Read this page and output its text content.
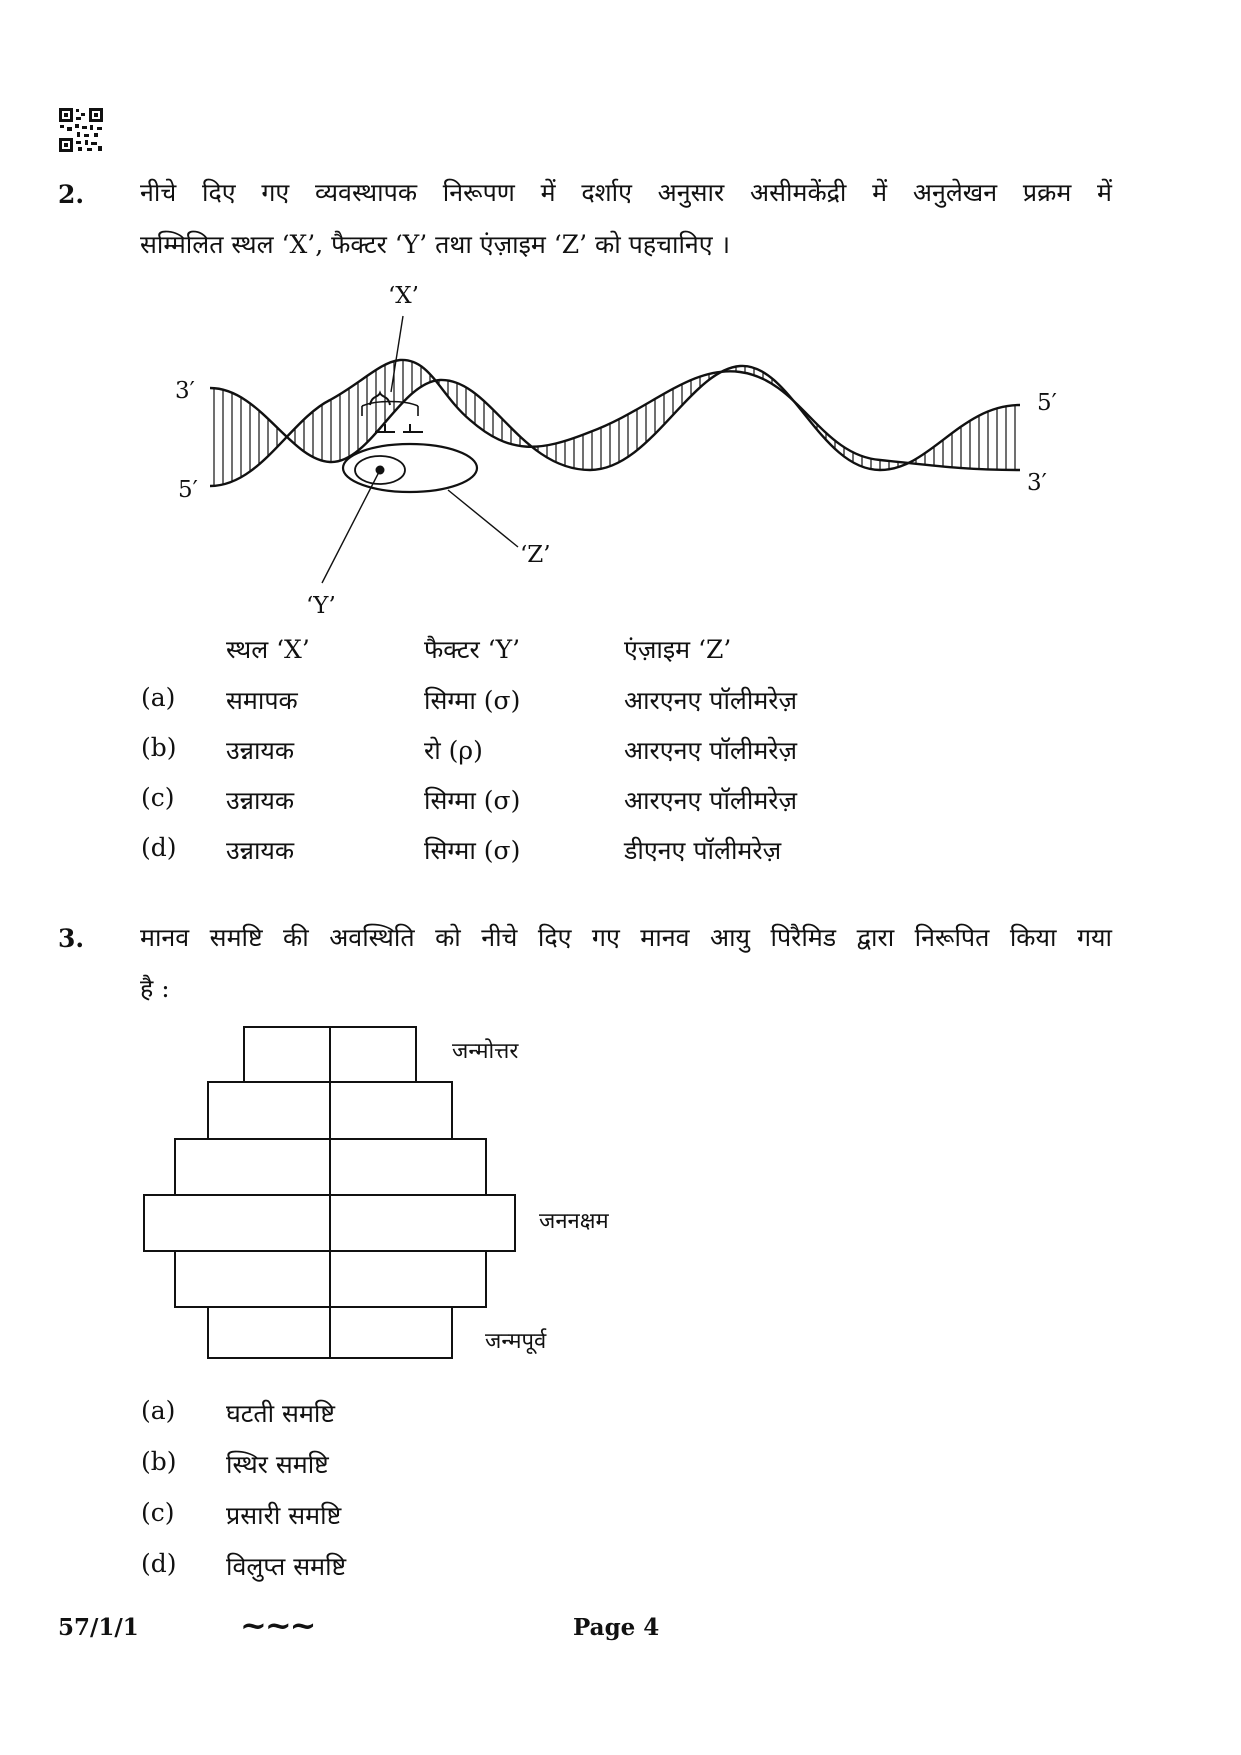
2. नीचे दिए गए व्यवस्थापक निरूपण में दर्शाए अनुसार असीमकेंद्री में अनुलेखन प्रक्रम में
सम्मिलित स्थल ‘X’, फैक्टर ‘Y’ तथा एंज़ाइम ‘Z’ को पहचानिए ।
‘X’
‘Y’
‘Z’
3′
5′
5′
3′
स्थल ‘X’	फैक्टर ‘Y’	एंज़ाइम ‘Z’
(a) समापक	सिग्मा (σ)	आरएनए पॉलीमरेज़
(b) उन्नायक	रो (ρ)	आरएनए पॉलीमरेज़
(c) उन्नायक	सिग्मा (σ)	आरएनए पॉलीमरेज़
(d) उन्नायक	सिग्मा (σ)	डीएनए पॉलीमरेज़
3. मानव समष्टि की अवस्थिति को नीचे दिए गए मानव आयु पिरैमिड द्वारा निरूपित किया गया
है :
जन्मोत्तर
जननक्षम
जन्मपूर्व
(a) घटती समष्टि
(b) स्थिर समष्टि
(c) प्रसारी समष्टि
(d) विलुप्त समष्टि
57/1/1	~~~	Page 4
